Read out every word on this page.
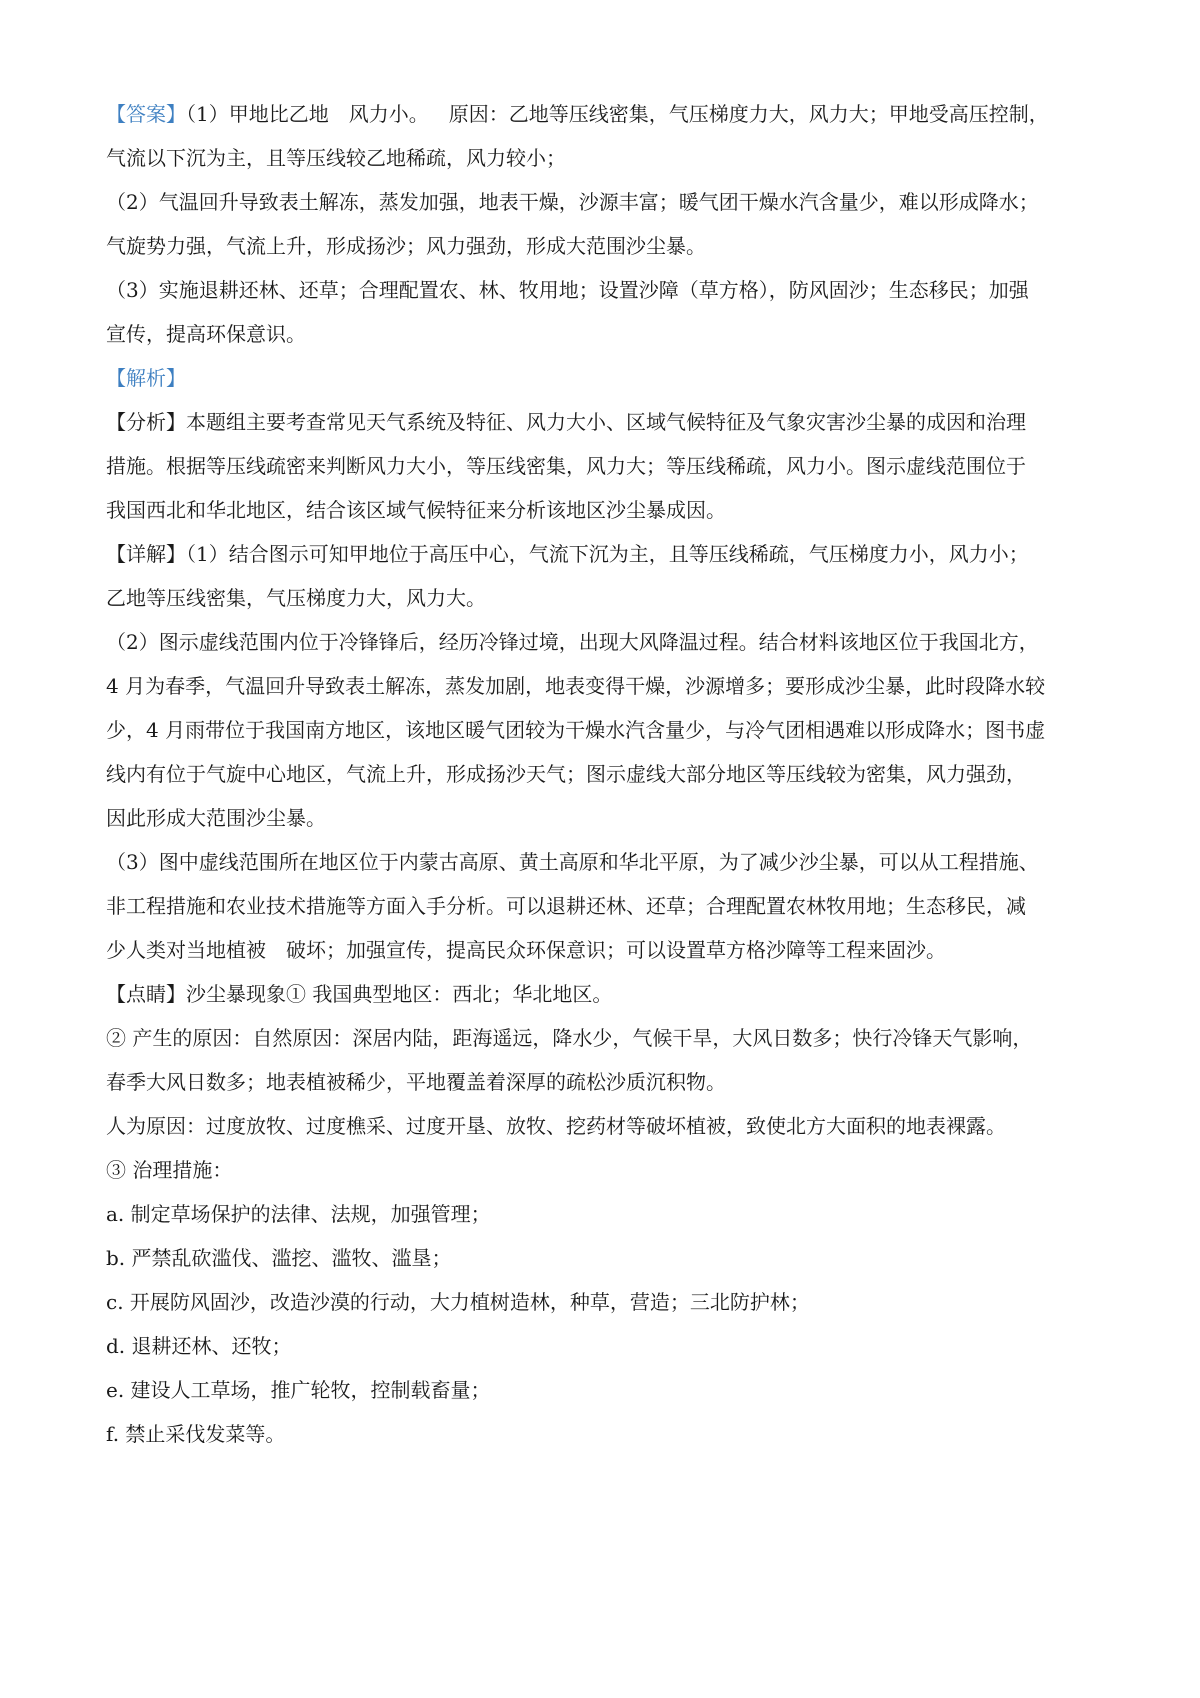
【答案】（1）甲地比乙地 风力小。 原因：乙地等压线密集，气压梯度力大，风力大；甲地受高压控制，

气流以下沉为主，且等压线较乙地稀疏，风力较小；

（2）气温回升导致表土解冻，蒸发加强，地表干燥，沙源丰富；暖气团干燥水汽含量少，难以形成降水；

气旋势力强，气流上升，形成扬沙；风力强劲，形成大范围沙尘暴。

（3）实施退耕还林、还草；合理配置农、林、牧用地；设置沙障（草方格），防风固沙；生态移民；加强

宣传，提高环保意识。

【解析】

【分析】本题组主要考查常见天气系统及特征、风力大小、区域气候特征及气象灾害沙尘暴的成因和治理

措施。根据等压线疏密来判断风力大小，等压线密集，风力大；等压线稀疏，风力小。图示虚线范围位于

我国西北和华北地区，结合该区域气候特征来分析该地区沙尘暴成因。

【详解】（1）结合图示可知甲地位于高压中心，气流下沉为主，且等压线稀疏，气压梯度力小，风力小；

乙地等压线密集，气压梯度力大，风力大。

（2）图示虚线范围内位于冷锋锋后，经历冷锋过境，出现大风降温过程。结合材料该地区位于我国北方，

4 月为春季，气温回升导致表土解冻，蒸发加剧，地表变得干燥，沙源增多；要形成沙尘暴，此时段降水较

少，4 月雨带位于我国南方地区，该地区暖气团较为干燥水汽含量少，与冷气团相遇难以形成降水；图书虚

线内有位于气旋中心地区，气流上升，形成扬沙天气；图示虚线大部分地区等压线较为密集，风力强劲，

因此形成大范围沙尘暴。

（3）图中虚线范围所在地区位于内蒙古高原、黄土高原和华北平原，为了减少沙尘暴，可以从工程措施、

非工程措施和农业技术措施等方面入手分析。可以退耕还林、还草；合理配置农林牧用地；生态移民，减

少人类对当地植被 破坏；加强宣传，提高民众环保意识；可以设置草方格沙障等工程来固沙。

【点睛】沙尘暴现象① 我国典型地区：西北；华北地区。

② 产生的原因：自然原因：深居内陆，距海遥远，降水少，气候干旱，大风日数多；快行冷锋天气影响，

春季大风日数多；地表植被稀少，平地覆盖着深厚的疏松沙质沉积物。

人为原因：过度放牧、过度樵采、过度开垦、放牧、挖药材等破坏植被，致使北方大面积的地表裸露。

③ 治理措施：

a. 制定草场保护的法律、法规，加强管理；

b. 严禁乱砍滥伐、滥挖、滥牧、滥垦；

c. 开展防风固沙，改造沙漠的行动，大力植树造林，种草，营造；三北防护林；

d. 退耕还林、还牧；

e. 建设人工草场，推广轮牧，控制载畜量；

f. 禁止采伐发菜等。
